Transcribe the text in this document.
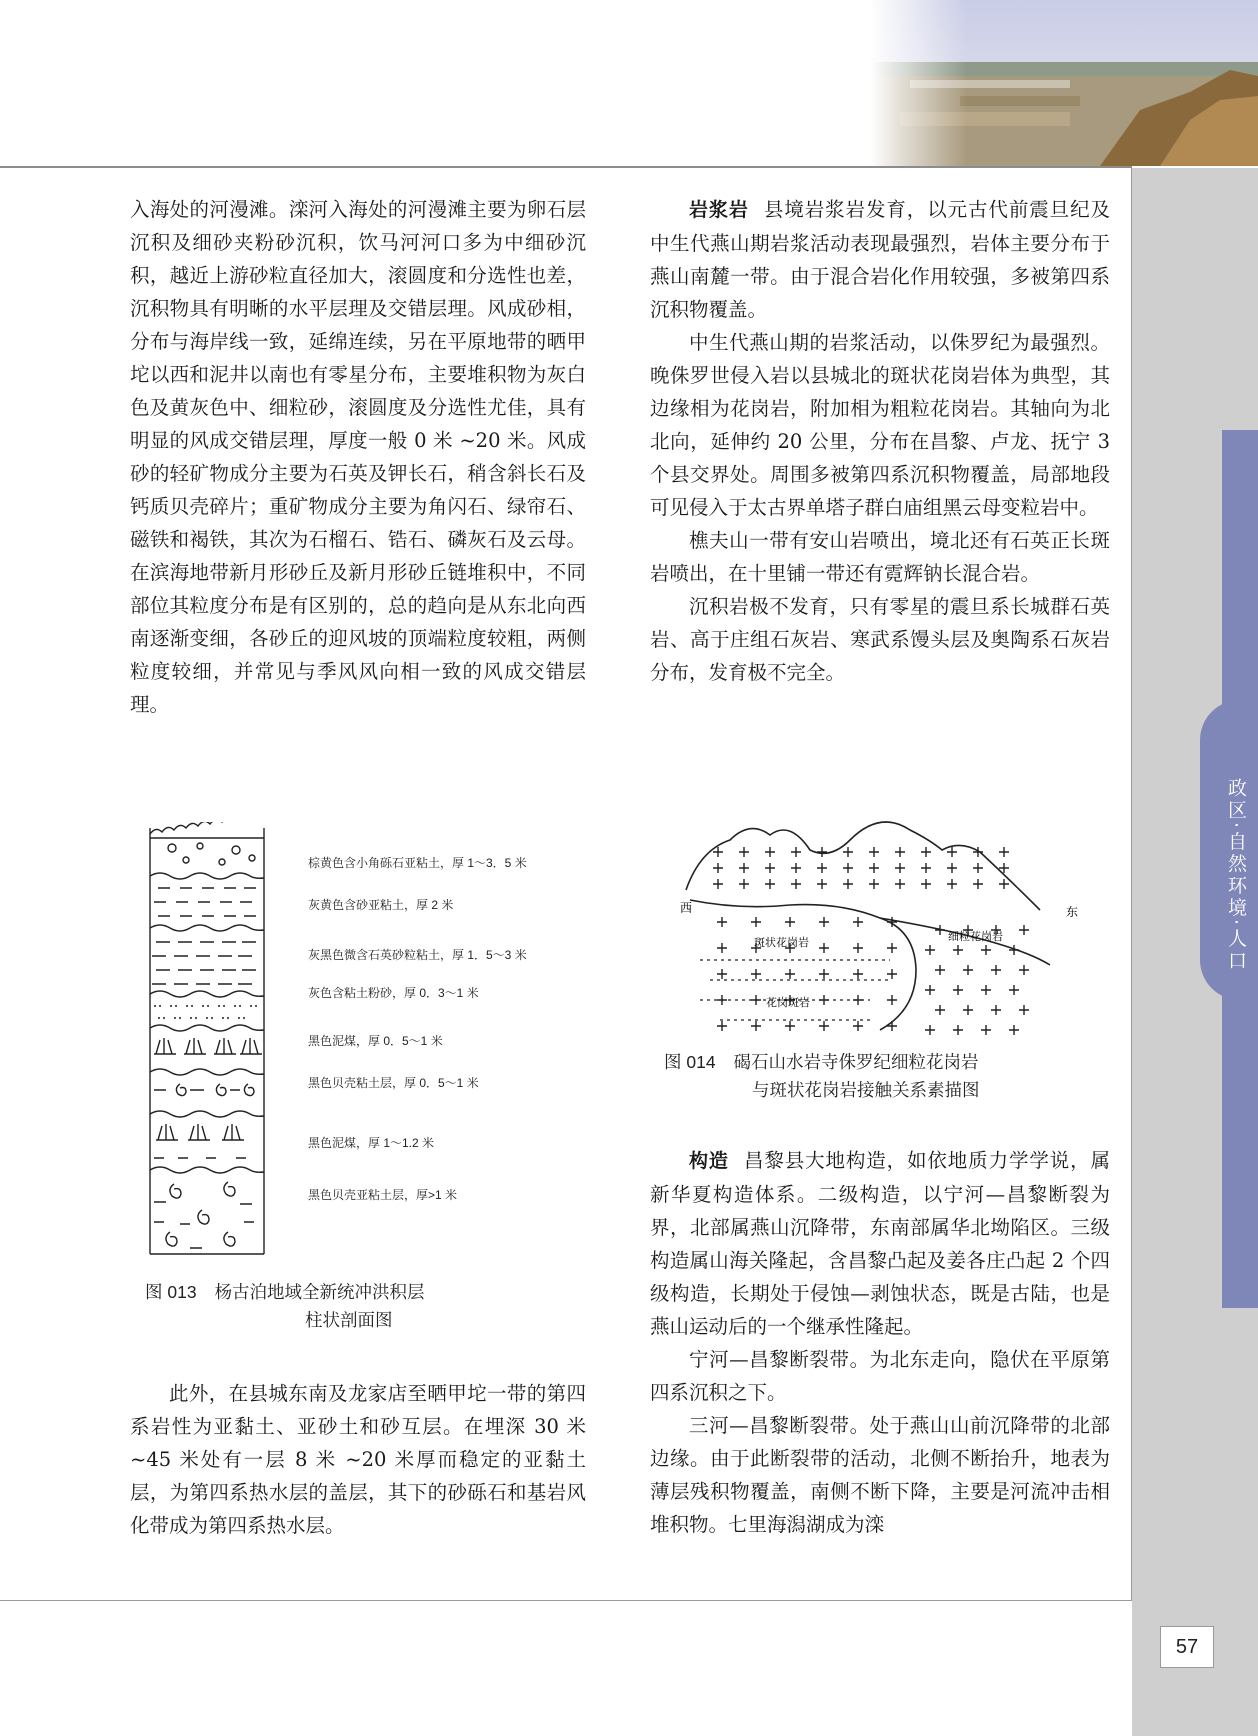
政区·自然环境·人口

入海处的河漫滩。滦河入海处的河漫滩主要为卵石层沉积及细砂夹粉砂沉积，饮马河河口多为中细砂沉积，越近上游砂粒直径加大，滚圆度和分选性也差，沉积物具有明晰的水平层理及交错层理。风成砂相，分布与海岸线一致，延绵连续，另在平原地带的晒甲坨以西和泥井以南也有零星分布，主要堆积物为灰白色及黄灰色中、细粒砂，滚圆度及分选性尤佳，具有明显的风成交错层理，厚度一般 0 米 ~20 米。风成砂的轻矿物成分主要为石英及钾长石，稍含斜长石及钙质贝壳碎片；重矿物成分主要为角闪石、绿帘石、磁铁和褐铁，其次为石榴石、锆石、磷灰石及云母。在滨海地带新月形砂丘及新月形砂丘链堆积中，不同部位其粒度分布是有区别的，总的趋向是从东北向西南逐渐变细，各砂丘的迎风坡的顶端粒度较粗，两侧粒度较细，并常见与季风风向相一致的风成交错层理。

棕黄色含小角砾石亚粘土，厚 1～3．5 米
灰黄色含砂亚粘土，厚 2 米
灰黑色微含石英砂粒粘土，厚 1．5～3 米
灰色含粘土粉砂，厚 0．3～1 米
黑色泥煤，厚 0．5～1 米
黑色贝壳粘土层，厚 0．5～1 米
黑色泥煤，厚 1～1.2 米
黑色贝壳亚粘土层，厚>1 米
图 013 杨古泊地域全新统冲洪积层
柱状剖面图

此外，在县城东南及龙家店至晒甲坨一带的第四系岩性为亚黏土、亚砂土和砂互层。在埋深 30 米 ~45 米处有一层 8 米 ~20 米厚而稳定的亚黏土层，为第四系热水层的盖层，其下的砂砾石和基岩风化带成为第四系热水层。

岩浆岩 县境岩浆岩发育，以元古代前震旦纪及中生代燕山期岩浆活动表现最强烈，岩体主要分布于燕山南麓一带。由于混合岩化作用较强，多被第四系沉积物覆盖。

中生代燕山期的岩浆活动，以侏罗纪为最强烈。晚侏罗世侵入岩以县城北的斑状花岗岩体为典型，其边缘相为花岗岩，附加相为粗粒花岗岩。其轴向为北北向，延伸约 20 公里，分布在昌黎、卢龙、抚宁 3 个县交界处。周围多被第四系沉积物覆盖，局部地段可见侵入于太古界单塔子群白庙组黑云母变粒岩中。

樵夫山一带有安山岩喷出，境北还有石英正长斑岩喷出，在十里铺一带还有霓辉钠长混合岩。

沉积岩极不发育，只有零星的震旦系长城群石英岩、高于庄组石灰岩、寒武系馒头层及奥陶系石灰岩分布，发育极不完全。

西	东
斑状花岗岩	细粒花岗岩
花岗斑岩
图 014 碣石山水岩寺侏罗纪细粒花岗岩
与斑状花岗岩接触关系素描图

构造 昌黎县大地构造，如依地质力学学说，属新华夏构造体系。二级构造，以宁河—昌黎断裂为界，北部属燕山沉降带，东南部属华北坳陷区。三级构造属山海关隆起，含昌黎凸起及姜各庄凸起 2 个四级构造，长期处于侵蚀—剥蚀状态，既是古陆，也是燕山运动后的一个继承性隆起。

宁河—昌黎断裂带。为北东走向，隐伏在平原第四系沉积之下。

三河—昌黎断裂带。处于燕山山前沉降带的北部边缘。由于此断裂带的活动，北侧不断抬升，地表为薄层残积物覆盖，南侧不断下降，主要是河流冲击相堆积物。七里海潟湖成为滦

57
